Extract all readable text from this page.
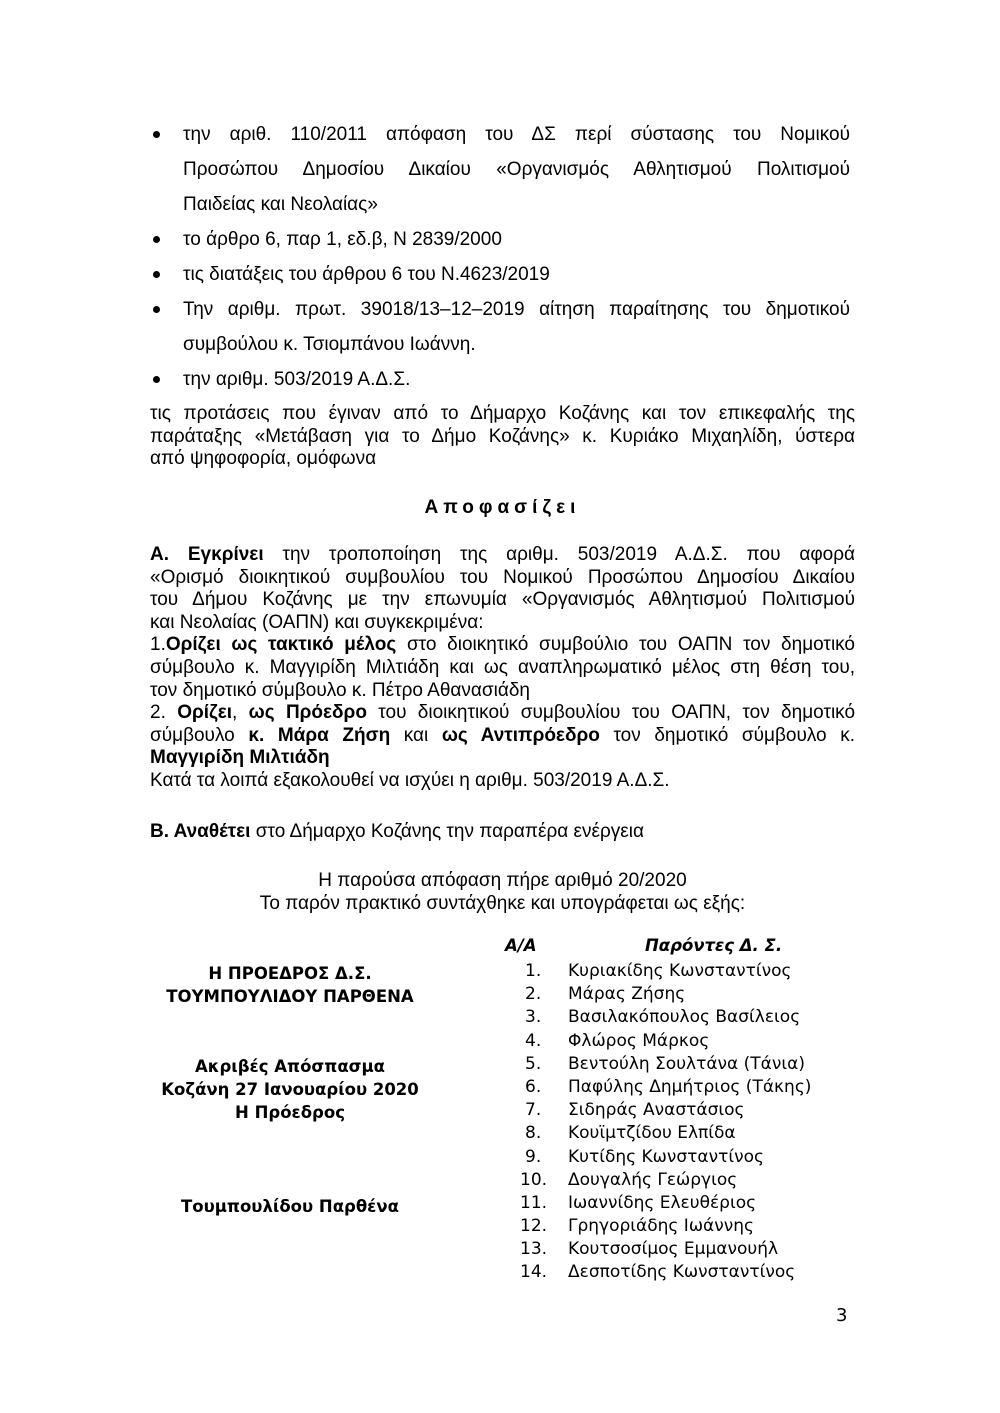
την αριθ. 110/2011 απόφαση του ΔΣ περί σύστασης του Νομικού
Προσώπου Δημοσίου Δικαίου «Οργανισμός Αθλητισμού Πολιτισμού
Παιδείας και Νεολαίας»
το άρθρο 6, παρ 1, εδ.β, Ν 2839/2000
τις διατάξεις του άρθρου 6 του Ν.4623/2019
Την αριθμ. πρωτ. 39018/13‒12‒2019 αίτηση παραίτησης του δημοτικού
συμβούλου κ. Τσιομπάνου Ιωάννη.
την αριθμ. 503/2019 Α.Δ.Σ.

τις προτάσεις που έγιναν από το Δήμαρχο Κοζάνης και τον επικεφαλής της

παράταξης «Μετάβαση για το Δήμο Κοζάνης» κ. Κυριάκο Μιχαηλίδη, ύστερα

από ψηφοφορία, ομόφωνα

Αποφασίζει

Α. Εγκρίνει την τροποποίηση της αριθμ. 503/2019 Α.Δ.Σ. που αφορά

«Ορισμό διοικητικού συμβουλίου του Νομικού Προσώπου Δημοσίου Δικαίου

του Δήμου Κοζάνης με την επωνυμία «Οργανισμός Αθλητισμού Πολιτισμού

και Νεολαίας (ΟΑΠΝ) και συγκεκριμένα:

1.Ορίζει ως τακτικό μέλος στο διοικητικό συμβούλιο του ΟΑΠΝ τον δημοτικό

σύμβουλο κ. Μαγγιρίδη Μιλτιάδη και ως αναπληρωματικό μέλος στη θέση του,

τον δημοτικό σύμβουλο κ. Πέτρο Αθανασιάδη

2. Ορίζει, ως Πρόεδρο του διοικητικού συμβουλίου του ΟΑΠΝ, τον δημοτικό

σύμβουλο κ. Μάρα Ζήση και ως Αντιπρόεδρο τον δημοτικό σύμβουλο κ.

Μαγγιρίδη Μιλτιάδη

Κατά τα λοιπά εξακολουθεί να ισχύει η αριθμ. 503/2019 Α.Δ.Σ.

Β. Αναθέτει στο Δήμαρχο Κοζάνης την παραπέρα ενέργεια

Η παρούσα απόφαση πήρε αριθμό 20/2020
Το παρόν πρακτικό συντάχθηκε και υπογράφεται ως εξής:
Η ΠΡΟΕΔΡΟΣ Δ.Σ.
ΤΟΥΜΠΟΥΛΙΔΟΥ ΠΑΡΘΕΝΑ
Ακριβές Απόσπασμα
Κοζάνη 27 Ιανουαρίου 2020
Η Πρόεδρος
Τουμπουλίδου Παρθένα
Α/Α	Παρόντες Δ. Σ.
1. Κυριακίδης Κωνσταντίνος
2. Μάρας Ζήσης
3. Βασιλακόπουλος Βασίλειος
4. Φλώρος Μάρκος
5. Βεντούλη Σουλτάνα (Τάνια)
6. Παφύλης Δημήτριος (Τάκης)
7. Σιδηράς Αναστάσιος
8. Κουϊμτζίδου Ελπίδα
9. Κυτίδης Κωνσταντίνος
10. Δουγαλής Γεώργιος
11. Ιωαννίδης Ελευθέριος
12. Γρηγοριάδης Ιωάννης
13. Κουτσοσίμος Εμμανουήλ
14. Δεσποτίδης Κωνσταντίνος
3
